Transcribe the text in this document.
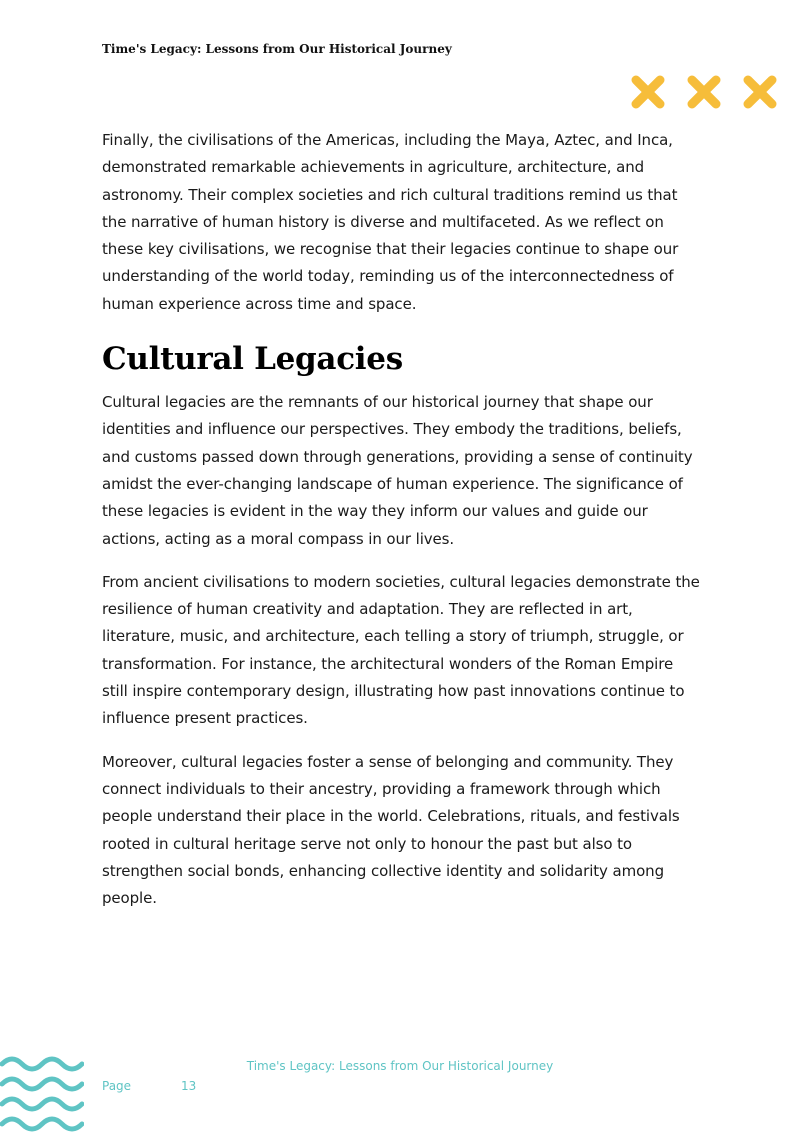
Time's Legacy: Lessons from Our Historical Journey

Finally, the civilisations of the Americas, including the Maya, Aztec, and Inca, demonstrated remarkable achievements in agriculture, architecture, and astronomy. Their complex societies and rich cultural traditions remind us that the narrative of human history is diverse and multifaceted. As we reflect on these key civilisations, we recognise that their legacies continue to shape our understanding of the world today, reminding us of the interconnectedness of human experience across time and space.

Cultural Legacies

Cultural legacies are the remnants of our historical journey that shape our identities and influence our perspectives. They embody the traditions, beliefs, and customs passed down through generations, providing a sense of continuity amidst the ever-changing landscape of human experience. The significance of these legacies is evident in the way they inform our values and guide our actions, acting as a moral compass in our lives.

From ancient civilisations to modern societies, cultural legacies demonstrate the resilience of human creativity and adaptation. They are reflected in art, literature, music, and architecture, each telling a story of triumph, struggle, or transformation. For instance, the architectural wonders of the Roman Empire still inspire contemporary design, illustrating how past innovations continue to influence present practices.

Moreover, cultural legacies foster a sense of belonging and community. They connect individuals to their ancestry, providing a framework through which people understand their place in the world. Celebrations, rituals, and festivals rooted in cultural heritage serve not only to honour the past but also to strengthen social bonds, enhancing collective identity and solidarity among people.

Time's Legacy: Lessons from Our Historical Journey
Page	13
